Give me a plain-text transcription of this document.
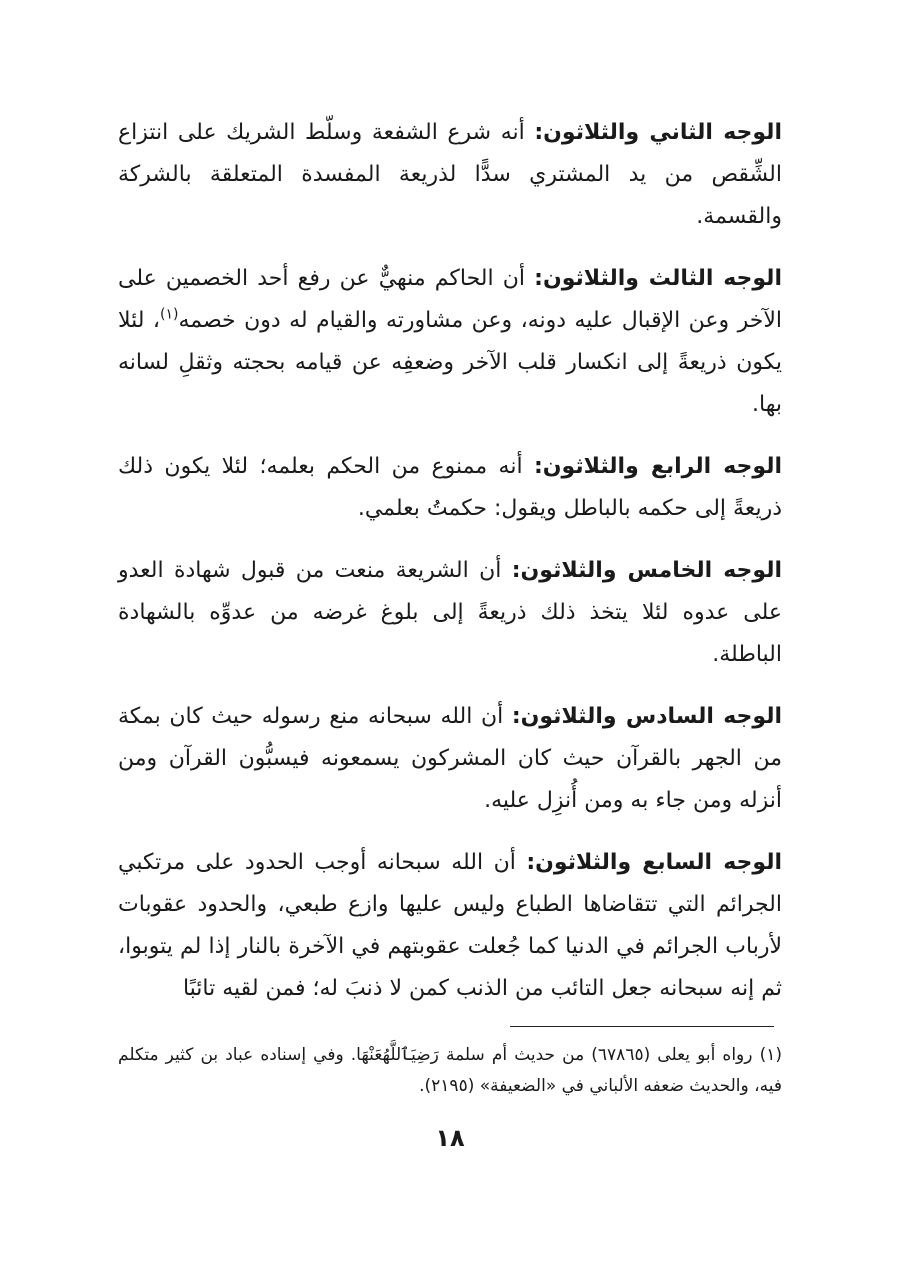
الوجه الثاني والثلاثون: أنه شرع الشفعة وسلّط الشريك على انتزاع الشِّقص من يد المشتري سدًّا لذريعة المفسدة المتعلقة بالشركة والقسمة.

الوجه الثالث والثلاثون: أن الحاكم منهيٌّ عن رفع أحد الخصمين على الآخر وعن الإقبال عليه دونه، وعن مشاورته والقيام له دون خصمه$^{(١)}$، لئلا يكون ذريعةً إلى انكسار قلب الآخر وضعفِه عن قيامه بحجته وثقلِ لسانه بها.

الوجه الرابع والثلاثون: أنه ممنوع من الحكم بعلمه؛ لئلا يكون ذلك ذريعةً إلى حكمه بالباطل ويقول: حكمتُ بعلمي.

الوجه الخامس والثلاثون: أن الشريعة منعت من قبول شهادة العدو على عدوه لئلا يتخذ ذلك ذريعةً إلى بلوغ غرضه من عدوِّه بالشهادة الباطلة.

الوجه السادس والثلاثون: أن الله سبحانه منع رسوله حيث كان بمكة من الجهر بالقرآن حيث كان المشركون يسمعونه فيسبُّون القرآن ومن أنزله ومن جاء به ومن أُنزِل عليه.

الوجه السابع والثلاثون: أن الله سبحانه أوجب الحدود على مرتكبي الجرائم التي تتقاضاها الطباع وليس عليها وازع طبعي، والحدود عقوبات لأرباب الجرائم في الدنيا كما جُعلت عقوبتهم في الآخرة بالنار إذا لم يتوبوا، ثم إنه سبحانه جعل التائب من الذنب كمن لا ذنبَ له؛ فمن لقيه تائبًا

(١) رواه أبو يعلى (٦٧٨٦٥) من حديث أم سلمة رَضِيَٱللَّهُعَنْهَا. وفي إسناده عباد بن كثير متكلم فيه، والحديث ضعفه الألباني في «الضعيفة» (٢١٩٥).
١٨
